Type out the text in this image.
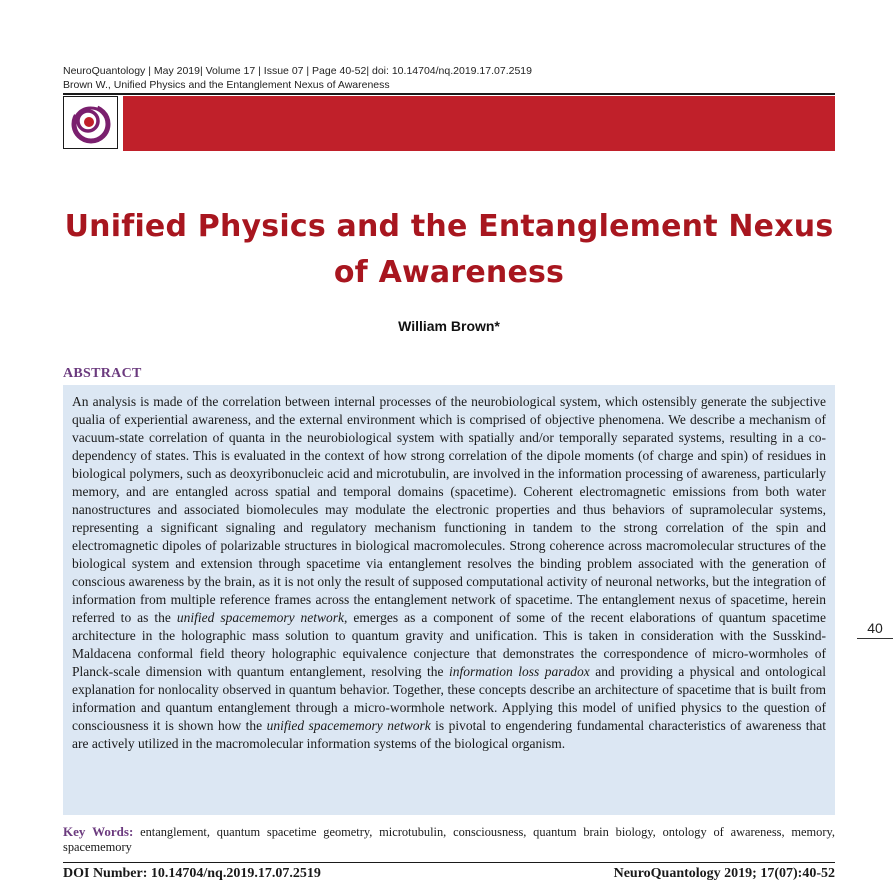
NeuroQuantology | May 2019| Volume 17 | Issue 07 | Page 40-52| doi: 10.14704/nq.2019.17.07.2519
Brown W., Unified Physics and the Entanglement Nexus of Awareness
Unified Physics and the Entanglement Nexus of Awareness
William Brown*
ABSTRACT

An analysis is made of the correlation between internal processes of the neurobiological system, which ostensibly generate the subjective qualia of experiential awareness, and the external environment which is comprised of objective phenomena. We describe a mechanism of vacuum-state correlation of quanta in the neurobiological system with spatially and/or temporally separated systems, resulting in a co-dependency of states. This is evaluated in the context of how strong correlation of the dipole moments (of charge and spin) of residues in biological polymers, such as deoxyribonucleic acid and microtubulin, are involved in the information processing of awareness, particularly memory, and are entangled across spatial and temporal domains (spacetime). Coherent electromagnetic emissions from both water nanostructures and associated biomolecules may modulate the electronic properties and thus behaviors of supramolecular systems, representing a significant signaling and regulatory mechanism functioning in tandem to the strong correlation of the spin and electromagnetic dipoles of polarizable structures in biological macromolecules. Strong coherence across macromolecular structures of the biological system and extension through spacetime via entanglement resolves the binding problem associated with the generation of conscious awareness by the brain, as it is not only the result of supposed computational activity of neuronal networks, but the integration of information from multiple reference frames across the entanglement network of spacetime. The entanglement nexus of spacetime, herein referred to as the unified spacememory network, emerges as a component of some of the recent elaborations of quantum spacetime architecture in the holographic mass solution to quantum gravity and unification. This is taken in consideration with the Susskind-Maldacena conformal field theory holographic equivalence conjecture that demonstrates the correspondence of micro-wormholes of Planck-scale dimension with quantum entanglement, resolving the information loss paradox and providing a physical and ontological explanation for nonlocality observed in quantum behavior. Together, these concepts describe an architecture of spacetime that is built from information and quantum entanglement through a micro-wormhole network. Applying this model of unified physics to the question of consciousness it is shown how the unified spacememory network is pivotal to engendering fundamental characteristics of awareness that are actively utilized in the macromolecular information systems of the biological organism.

40
Key Words: entanglement, quantum spacetime geometry, microtubulin, consciousness, quantum brain biology, ontology of awareness, memory, spacememory
DOI Number: 10.14704/nq.2019.17.07.2519	NeuroQuantology 2019; 17(07):40-52
